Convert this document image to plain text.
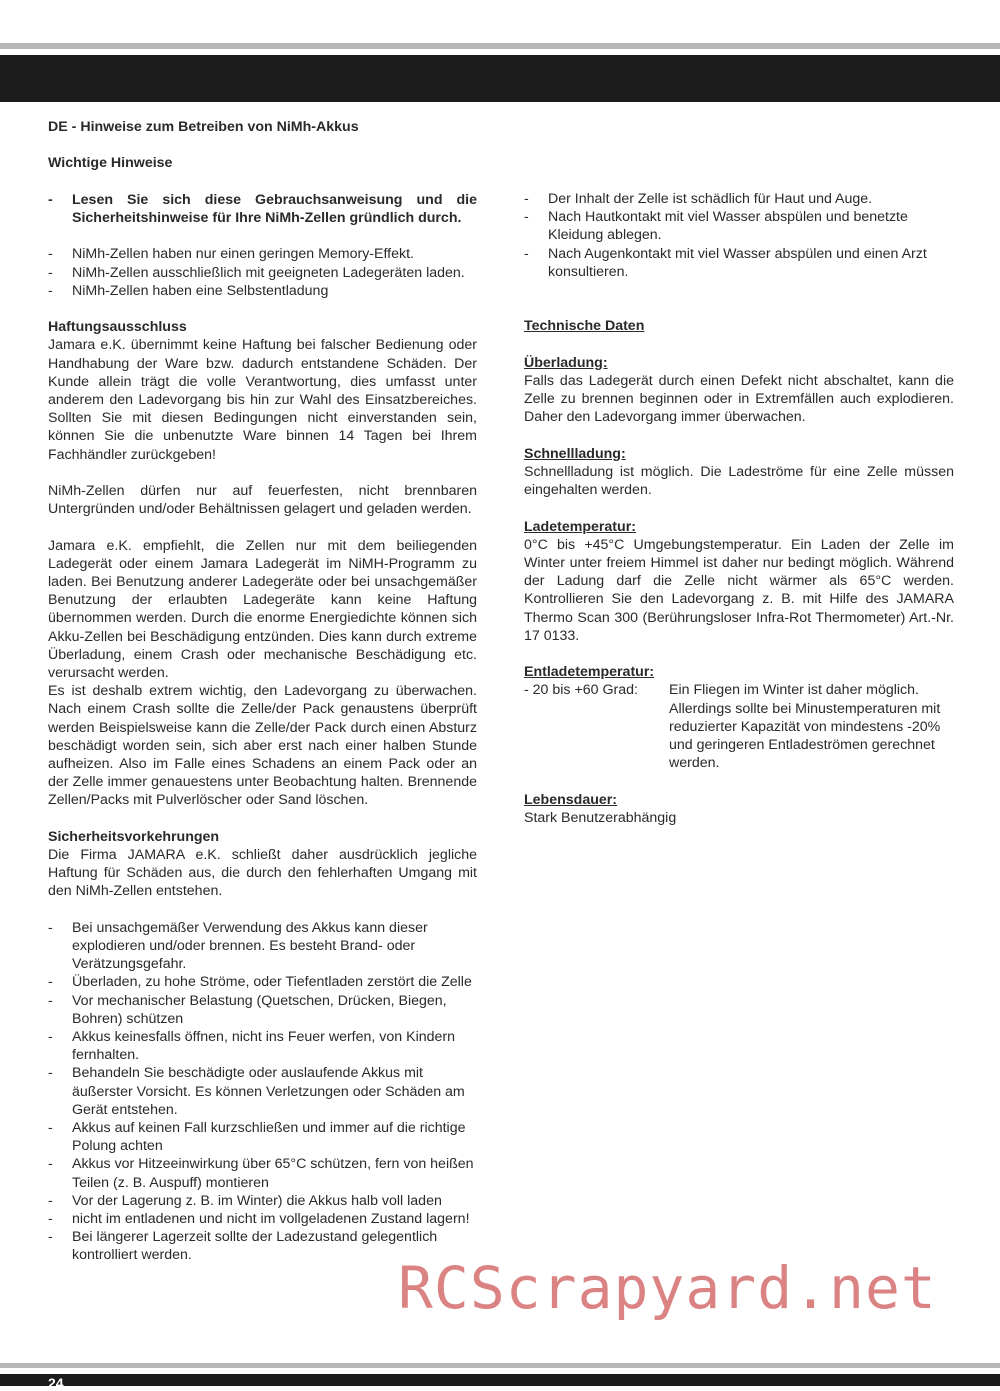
DE - Hinweise zum Betreiben von NiMh-Akkus

Wichtige Hinweise

- Lesen Sie sich diese Gebrauchsanweisung und die Sicherheitshinweise für Ihre NiMh-Zellen gründlich durch.
- NiMh-Zellen haben nur einen geringen Memory-Effekt.
- NiMh-Zellen ausschließlich mit geeigneten Ladegeräten laden.
- NiMh-Zellen haben eine Selbstentladung

Haftungsausschluss

Jamara e.K. übernimmt keine Haftung bei falscher Bedienung oder Handhabung der Ware bzw. dadurch entstandene Schäden. Der Kunde allein trägt die volle Verantwortung, dies umfasst unter anderem den Ladevorgang bis hin zur Wahl des Einsatzbereiches. Sollten Sie mit diesen Bedingungen nicht einverstanden sein, können Sie die unbenutzte Ware binnen 14 Tagen bei Ihrem Fachhändler zurückgeben!

NiMh-Zellen dürfen nur auf feuerfesten, nicht brennbaren Untergründen und/oder Behältnissen gelagert und geladen werden.

Jamara e.K. empfiehlt, die Zellen nur mit dem beiliegenden Ladegerät oder einem Jamara Ladegerät im NiMH-Programm zu laden. Bei Benutzung anderer Ladegeräte oder bei unsachgemäßer Benutzung der erlaubten Ladegeräte kann keine Haftung übernommen werden. Durch die enorme Energiedichte können sich Akku-Zellen bei Beschädigung entzünden. Dies kann durch extreme Überladung, einem Crash oder mechanische Beschädigung etc. verursacht werden.

Es ist deshalb extrem wichtig, den Ladevorgang zu überwachen. Nach einem Crash sollte die Zelle/der Pack genaustens überprüft werden Beispielsweise kann die Zelle/der Pack durch einen Absturz beschädigt worden sein, sich aber erst nach einer halben Stunde aufheizen. Also im Falle eines Schadens an einem Pack oder an der Zelle immer genauestens unter Beobachtung halten. Brennende Zellen/Packs mit Pulverlöscher oder Sand löschen.

Sicherheitsvorkehrungen

Die Firma JAMARA e.K. schließt daher ausdrücklich jegliche Haftung für Schäden aus, die durch den fehlerhaften Umgang mit den NiMh-Zellen entstehen.

- Bei unsachgemäßer Verwendung des Akkus kann dieser explodieren und/oder brennen. Es besteht Brand- oder Verätzungsgefahr.
- Überladen, zu hohe Ströme, oder Tiefentladen zerstört die Zelle
- Vor mechanischer Belastung (Quetschen, Drücken, Biegen, Bohren) schützen
- Akkus keinesfalls öffnen, nicht ins Feuer werfen, von Kindern fernhalten.
- Behandeln Sie beschädigte oder auslaufende Akkus mit äußerster Vorsicht. Es können Verletzungen oder Schäden am Gerät entstehen.
- Akkus auf keinen Fall kurzschließen und immer auf die richtige Polung achten
- Akkus vor Hitzeeinwirkung über 65°C schützen, fern von heißen Teilen (z. B. Auspuff) montieren
- Vor der Lagerung z. B. im Winter) die Akkus halb voll laden
- nicht im entladenen und nicht im vollgeladenen Zustand lagern!
- Bei längerer Lagerzeit sollte der Ladezustand gelegentlich kontrolliert werden.
- Der Inhalt der Zelle ist schädlich für Haut und Auge.
- Nach Hautkontakt mit viel Wasser abspülen und benetzte Kleidung ablegen.
- Nach Augenkontakt mit viel Wasser abspülen und einen Arzt konsultieren.

Technische Daten

Überladung:

Falls das Ladegerät durch einen Defekt nicht abschaltet, kann die Zelle zu brennen beginnen oder in Extremfällen auch explodieren. Daher den Ladevorgang immer überwachen.

Schnellladung:

Schnellladung ist möglich. Die Ladeströme für eine Zelle müssen eingehalten werden.

Ladetemperatur:

0°C bis +45°C Umgebungstemperatur. Ein Laden der Zelle im Winter unter freiem Himmel ist daher nur bedingt möglich. Während der Ladung darf die Zelle nicht wärmer als 65°C werden. Kontrollieren Sie den Ladevorgang z. B. mit Hilfe des JAMARA Thermo Scan 300 (Berührungsloser Infra-Rot Thermometer) Art.-Nr. 17 0133.

Entladetemperatur:

- 20 bis +60 Grad:	Ein Fliegen im Winter ist daher möglich. Allerdings sollte bei Minustemperaturen mit reduzierter Kapazität von mindestens -20% und geringeren Entladeströmen gerechnet werden.

Lebensdauer:

Stark Benutzerabhängig

RCScrapyard.net
24
